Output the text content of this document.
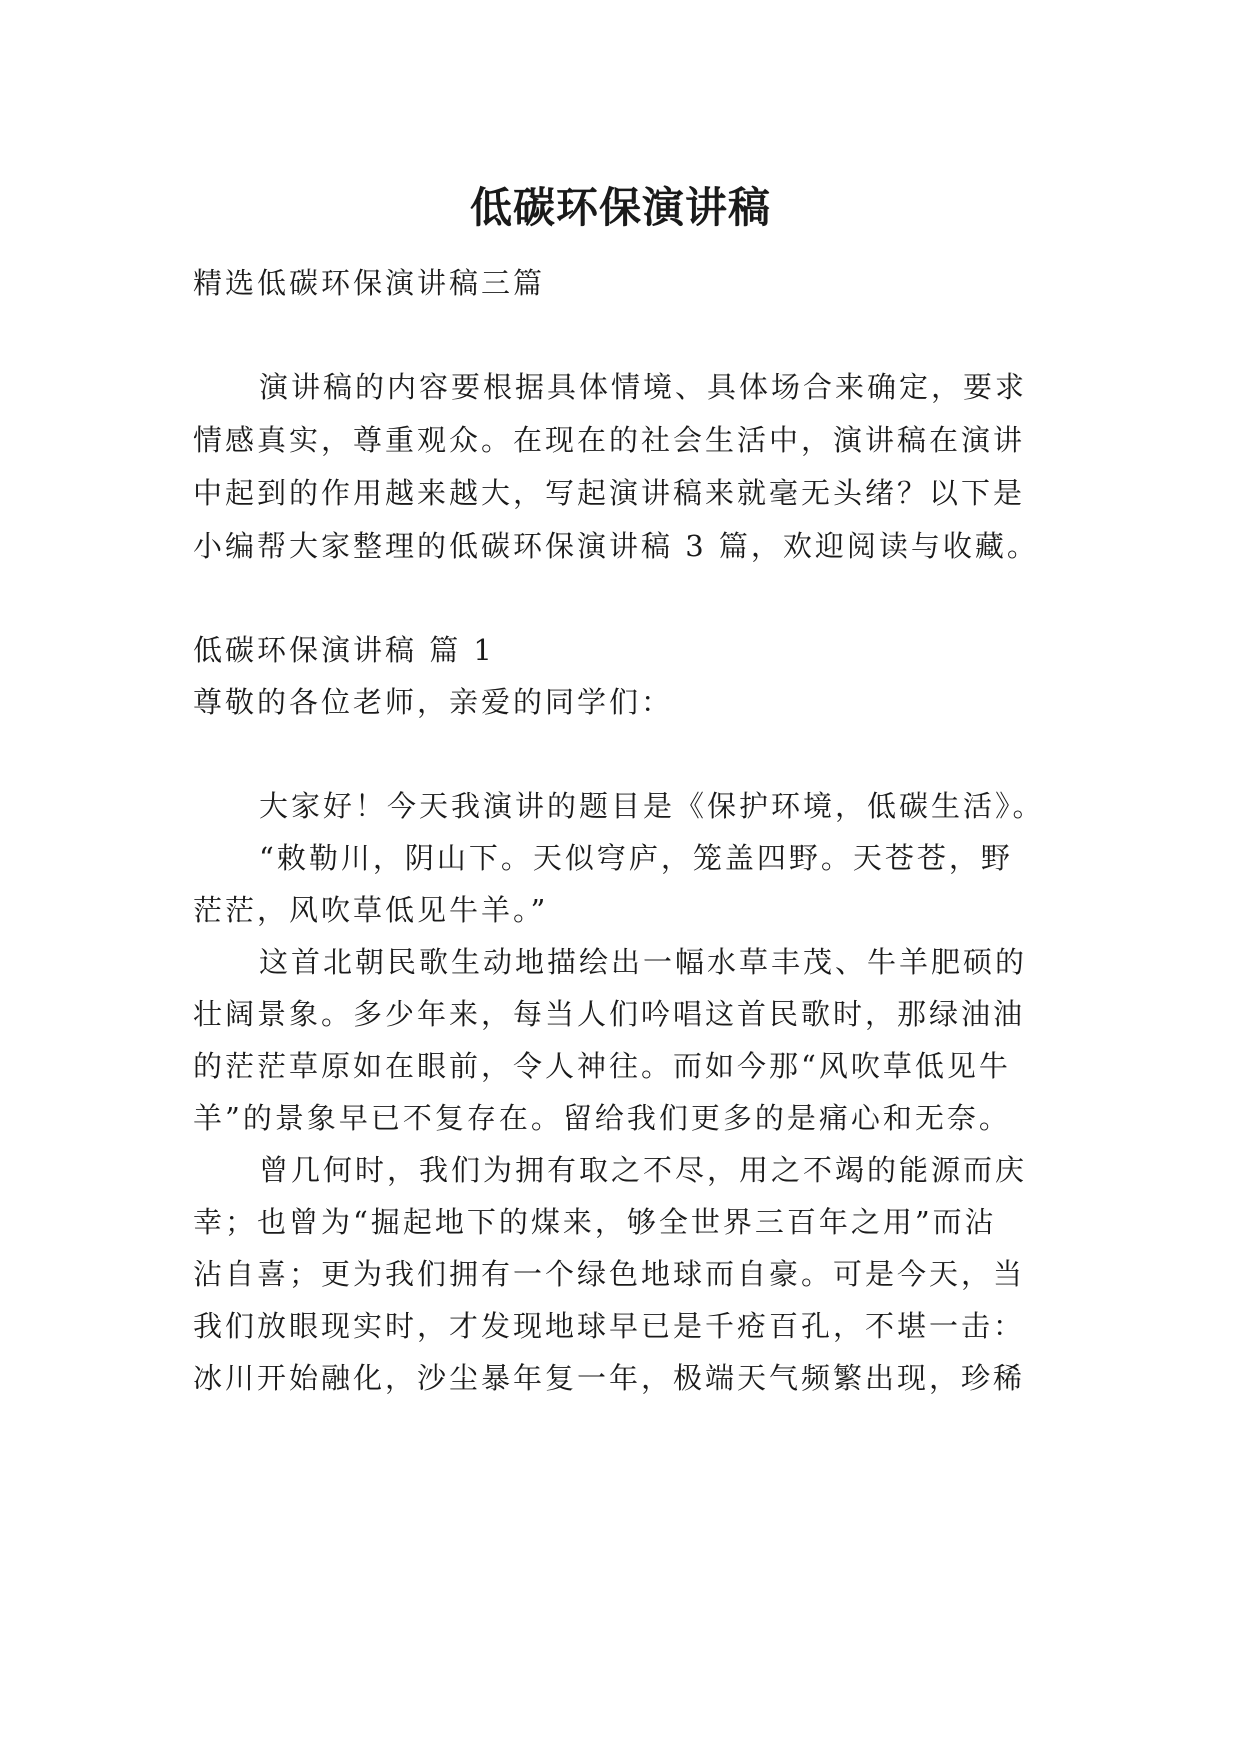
低碳环保演讲稿

精选低碳环保演讲稿三篇

演讲稿的内容要根据具体情境、具体场合来确定，要求

情感真实，尊重观众。在现在的社会生活中，演讲稿在演讲

中起到的作用越来越大，写起演讲稿来就毫无头绪？以下是

小编帮大家整理的低碳环保演讲稿 3 篇，欢迎阅读与收藏。

低碳环保演讲稿 篇 1

尊敬的各位老师，亲爱的同学们：

大家好！今天我演讲的题目是《保护环境，低碳生活》。

“敕勒川，阴山下。天似穹庐，笼盖四野。天苍苍，野

茫茫，风吹草低见牛羊。”

这首北朝民歌生动地描绘出一幅水草丰茂、牛羊肥硕的

壮阔景象。多少年来，每当人们吟唱这首民歌时，那绿油油

的茫茫草原如在眼前，令人神往。而如今那“风吹草低见牛

羊”的景象早已不复存在。留给我们更多的是痛心和无奈。

曾几何时，我们为拥有取之不尽，用之不竭的能源而庆

幸；也曾为“掘起地下的煤来，够全世界三百年之用”而沾

沾自喜；更为我们拥有一个绿色地球而自豪。可是今天，当

我们放眼现实时，才发现地球早已是千疮百孔，不堪一击：

冰川开始融化，沙尘暴年复一年，极端天气频繁出现，珍稀
